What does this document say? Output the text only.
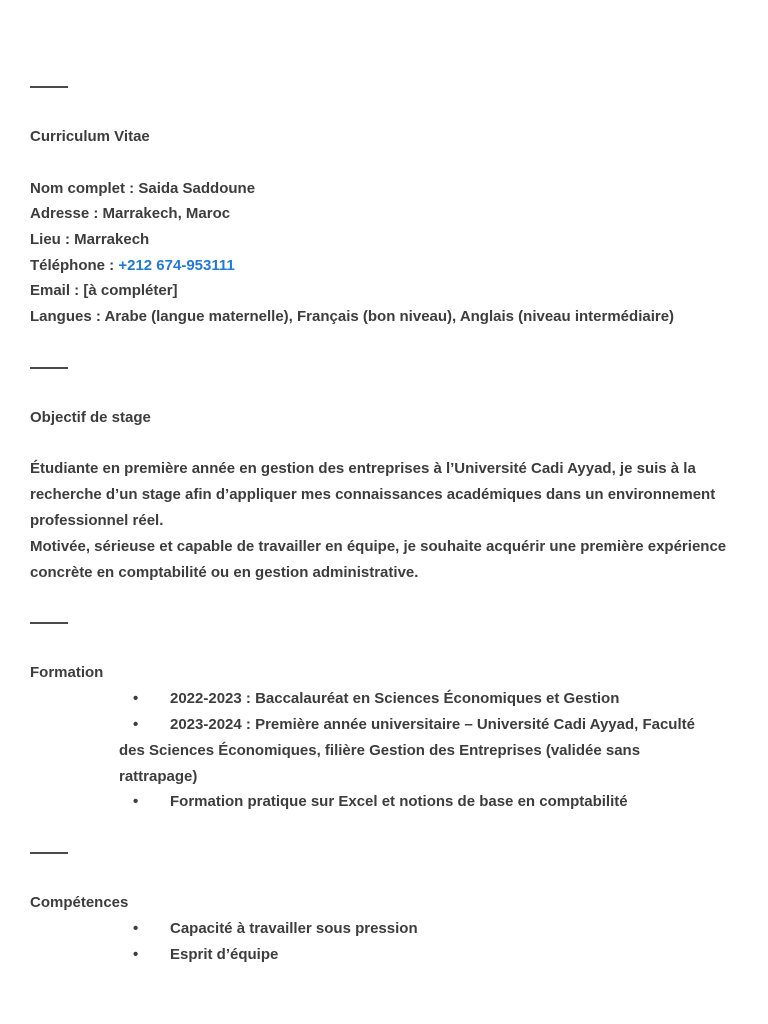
Curriculum Vitae
Nom complet : Saida Saddoune
Adresse : Marrakech, Maroc
Lieu : Marrakech
Téléphone : +212 674-953111
Email : [à compléter]
Langues : Arabe (langue maternelle), Français (bon niveau), Anglais (niveau intermédiaire)
Objectif de stage
Étudiante en première année en gestion des entreprises à l’Université Cadi Ayyad, je suis à la recherche d’un stage afin d’appliquer mes connaissances académiques dans un environnement professionnel réel.
Motivée, sérieuse et capable de travailler en équipe, je souhaite acquérir une première expérience concrète en comptabilité ou en gestion administrative.
Formation
•	2022-2023 : Baccalauréat en Sciences Économiques et Gestion
•	2023-2024 : Première année universitaire – Université Cadi Ayyad, Faculté des Sciences Économiques, filière Gestion des Entreprises (validée sans rattrapage)
•	Formation pratique sur Excel et notions de base en comptabilité
Compétences
•	Capacité à travailler sous pression
•	Esprit d’équipe
